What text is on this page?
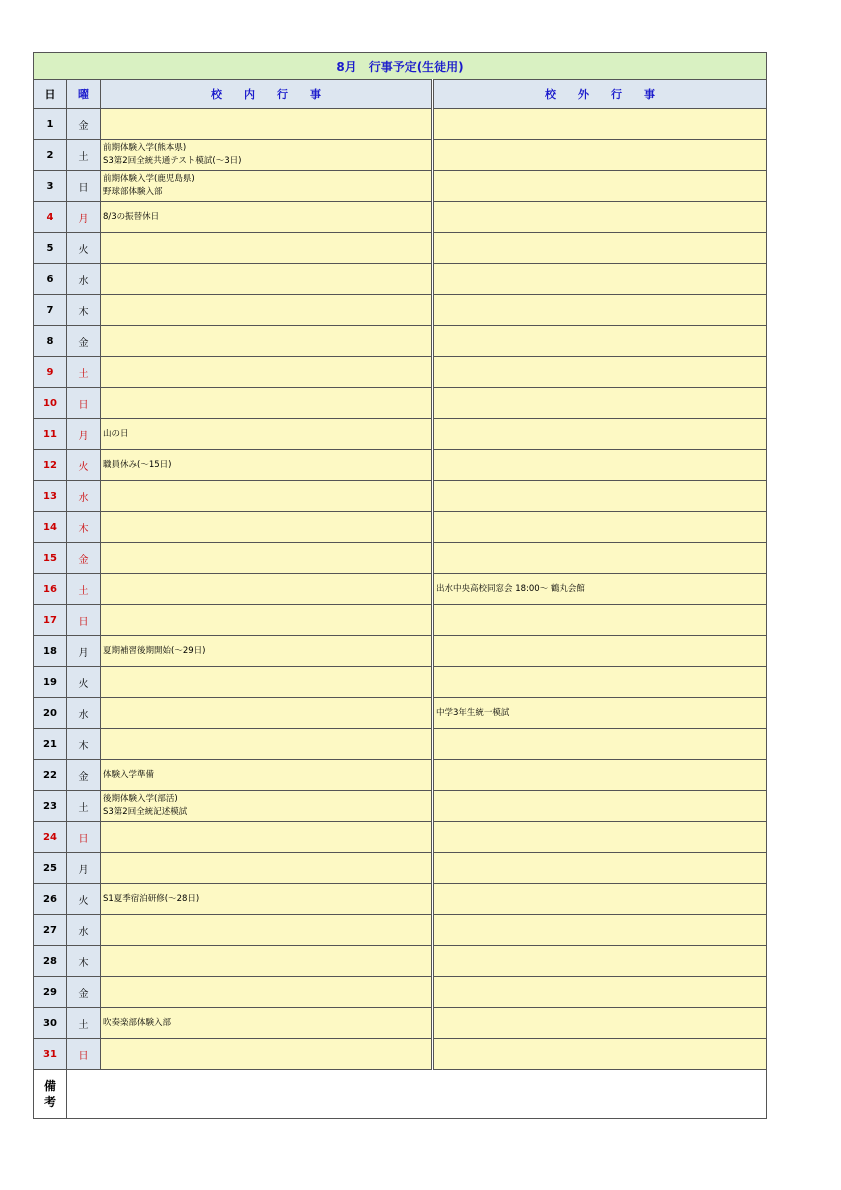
8月　行事予定(生徒用)			
日	曜	校内行事	校外行事
1	金		
2	土	前期体験入学(熊本県)
S3第2回全統共通テスト模試(～3日)	

3	日	前期体験入学(鹿児島県)
野球部体験入部	

4	月	8/3の振替休日	

5	火		
6	水		
7	木		
8	金		
9	土		
10	日		
11	月	山の日	

12	火	職員休み(～15日)	

13	水		
14	木		
15	金		
16	土		出水中央高校同窓会 18:00～ 鶴丸会館

17	日		
18	月	夏期補習後期開始(～29日)	

19	火		
20	水		中学3年生統一模試

21	木		
22	金	体験入学準備	

23	土	後期体験入学(部活)
S3第2回全統記述模試	

24	日		
25	月		
26	火	S1夏季宿泊研修(～28日)	

27	水		
28	木		
29	金		
30	土	吹奏楽部体験入部	

31	日		

備
考			
